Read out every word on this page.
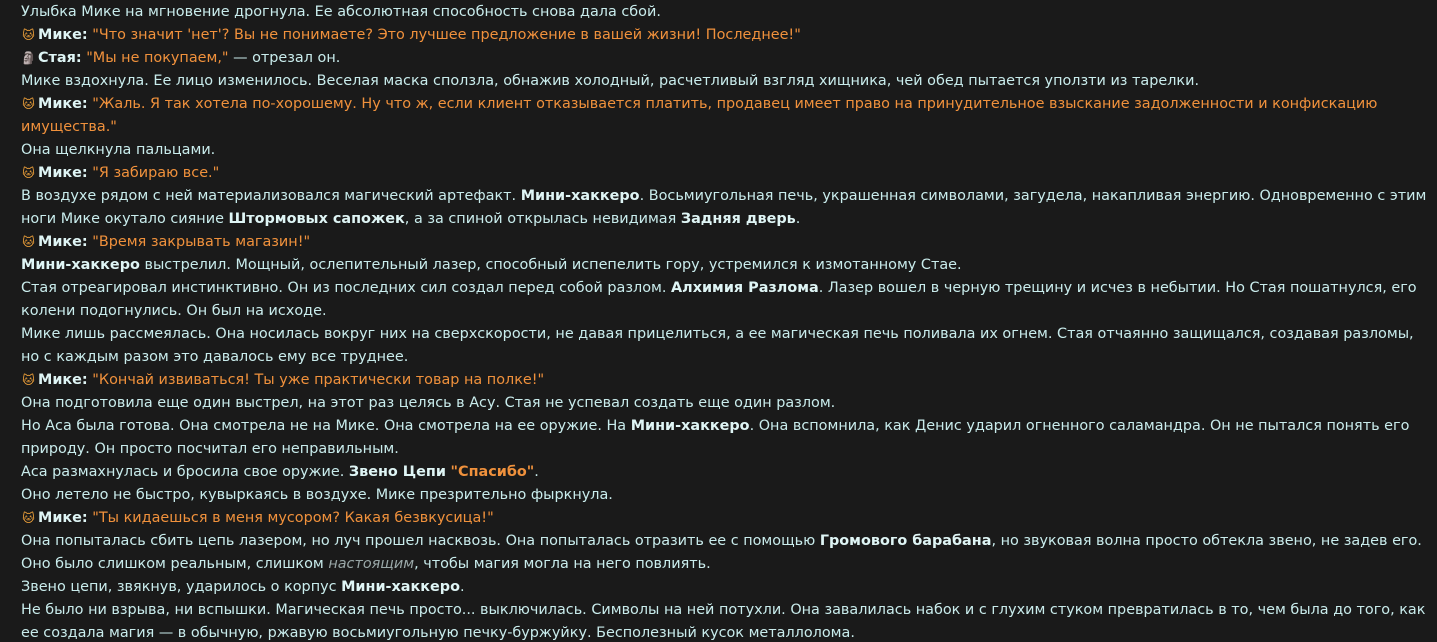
Улыбка Мике на мгновение дрогнула. Ее абсолютная способность снова дала сбой.

🐱 Мике: "Что значит 'нет'? Вы не понимаете? Это лучшее предложение в вашей жизни! Последнее!"

🗿 Стая: "Мы не покупаем," — отрезал он.

Мике вздохнула. Ее лицо изменилось. Веселая маска сползла, обнажив холодный, расчетливый взгляд хищника, чей обед пытается уползти из тарелки.

🐱 Мике: "Жаль. Я так хотела по-хорошему. Ну что ж, если клиент отказывается платить, продавец имеет право на принудительное взыскание задолженности и конфискацию имущества."

Она щелкнула пальцами.

🐱 Мике: "Я забираю все."

В воздухе рядом с ней материализовался магический артефакт. Мини-хаккеро. Восьмиугольная печь, украшенная символами, загудела, накапливая энергию. Одновременно с этим ноги Мике окутало сияние Штормовых сапожек, а за спиной открылась невидимая Задняя дверь.

🐱 Мике: "Время закрывать магазин!"

Мини-хаккеро выстрелил. Мощный, ослепительный лазер, способный испепелить гору, устремился к измотанному Стае.

Стая отреагировал инстинктивно. Он из последних сил создал перед собой разлом. Алхимия Разлома. Лазер вошел в черную трещину и исчез в небытии. Но Стая пошатнулся, его колени подогнулись. Он был на исходе.

Мике лишь рассмеялась. Она носилась вокруг них на сверхскорости, не давая прицелиться, а ее магическая печь поливала их огнем. Стая отчаянно защищался, создавая разломы, но с каждым разом это давалось ему все труднее.

🐱 Мике: "Кончай извиваться! Ты уже практически товар на полке!"

Она подготовила еще один выстрел, на этот раз целясь в Асу. Стая не успевал создать еще один разлом.

Но Аса была готова. Она смотрела не на Мике. Она смотрела на ее оружие. На Мини-хаккеро. Она вспомнила, как Денис ударил огненного саламандра. Он не пытался понять его природу. Он просто посчитал его неправильным.

Аса размахнулась и бросила свое оружие. Звено Цепи "Спасибо".

Оно летело не быстро, кувыркаясь в воздухе. Мике презрительно фыркнула.

🐱 Мике: "Ты кидаешься в меня мусором? Какая безвкусица!"

Она попыталась сбить цепь лазером, но луч прошел насквозь. Она попыталась отразить ее с помощью Громового барабана, но звуковая волна просто обтекла звено, не задев его. Оно было слишком реальным, слишком настоящим, чтобы магия могла на него повлиять.

Звено цепи, звякнув, ударилось о корпус Мини-хаккеро.

Не было ни взрыва, ни вспышки. Магическая печь просто... выключилась. Символы на ней потухли. Она завалилась набок и с глухим стуком превратилась в то, чем была до того, как ее создала магия — в обычную, ржавую восьмиугольную печку-буржуйку. Бесполезный кусок металлолома.
